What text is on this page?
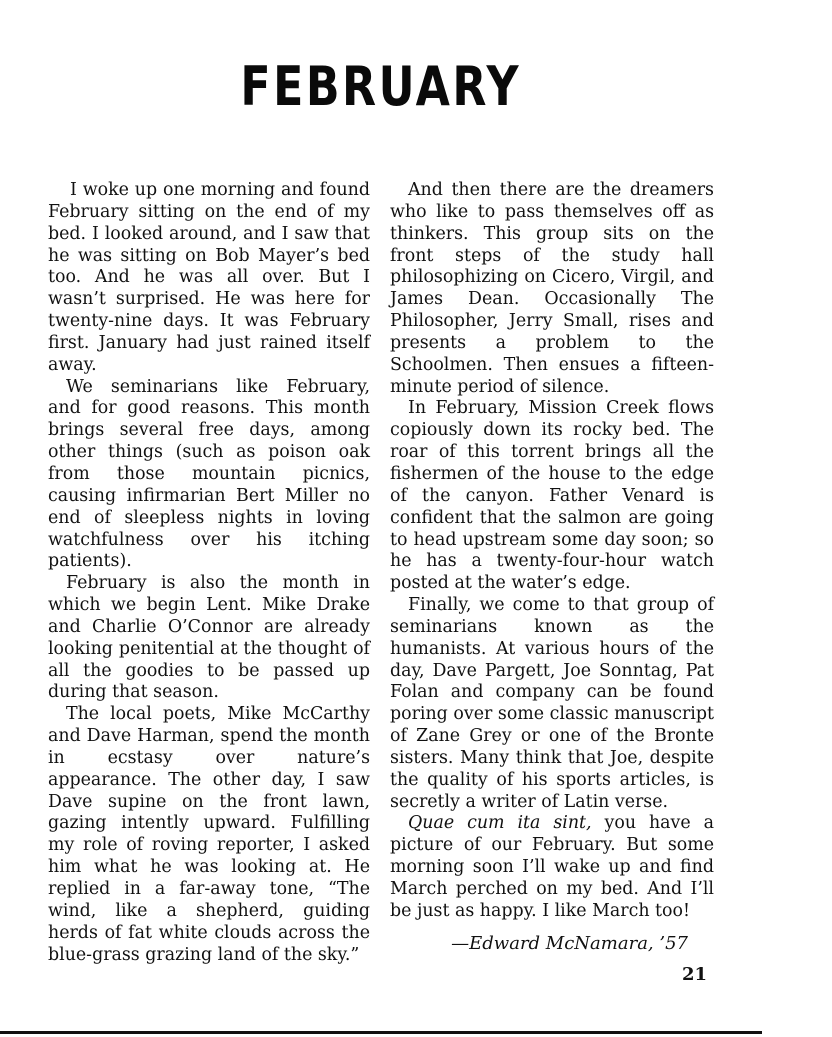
FEBRUARY

I woke up one morning and found February sitting on the end of my bed. I looked around, and I saw that he was sitting on Bob Mayer’s bed too. And he was all over. But I wasn’t surprised. He was here for twenty-nine days. It was February first. January had just rained itself away.

We seminarians like February, and for good reasons. This month brings several free days, among other things (such as poison oak from those mountain picnics, causing infirmarian Bert Miller no end of sleepless nights in loving watchfulness over his itching patients).

February is also the month in which we begin Lent. Mike Drake and Charlie O’Connor are already looking penitential at the thought of all the goodies to be passed up during that season.

The local poets, Mike McCarthy and Dave Harman, spend the month in ecstasy over nature’s appearance. The other day, I saw Dave supine on the front lawn, gazing intently upward. Fulfilling my role of roving reporter, I asked him what he was looking at. He replied in a far-away tone, “The wind, like a shepherd, guiding herds of fat white clouds across the blue-grass grazing land of the sky.”

And then there are the dreamers who like to pass themselves off as thinkers. This group sits on the front steps of the study hall philosophizing on Cicero, Virgil, and James Dean. Occasionally The Philosopher, Jerry Small, rises and presents a problem to the Schoolmen. Then ensues a fifteen-minute period of silence.

In February, Mission Creek flows copiously down its rocky bed. The roar of this torrent brings all the fishermen of the house to the edge of the canyon. Father Venard is confident that the salmon are going to head upstream some day soon; so he has a twenty-four-hour watch posted at the water’s edge.

Finally, we come to that group of seminarians known as the humanists. At various hours of the day, Dave Pargett, Joe Sonntag, Pat Folan and company can be found poring over some classic manuscript of Zane Grey or one of the Bronte sisters. Many think that Joe, despite the quality of his sports articles, is secretly a writer of Latin verse.

Quae cum ita sint, you have a picture of our February. But some morning soon I’ll wake up and find March perched on my bed. And I’ll be just as happy. I like March too!

—Edward McNamara, ’57

21
